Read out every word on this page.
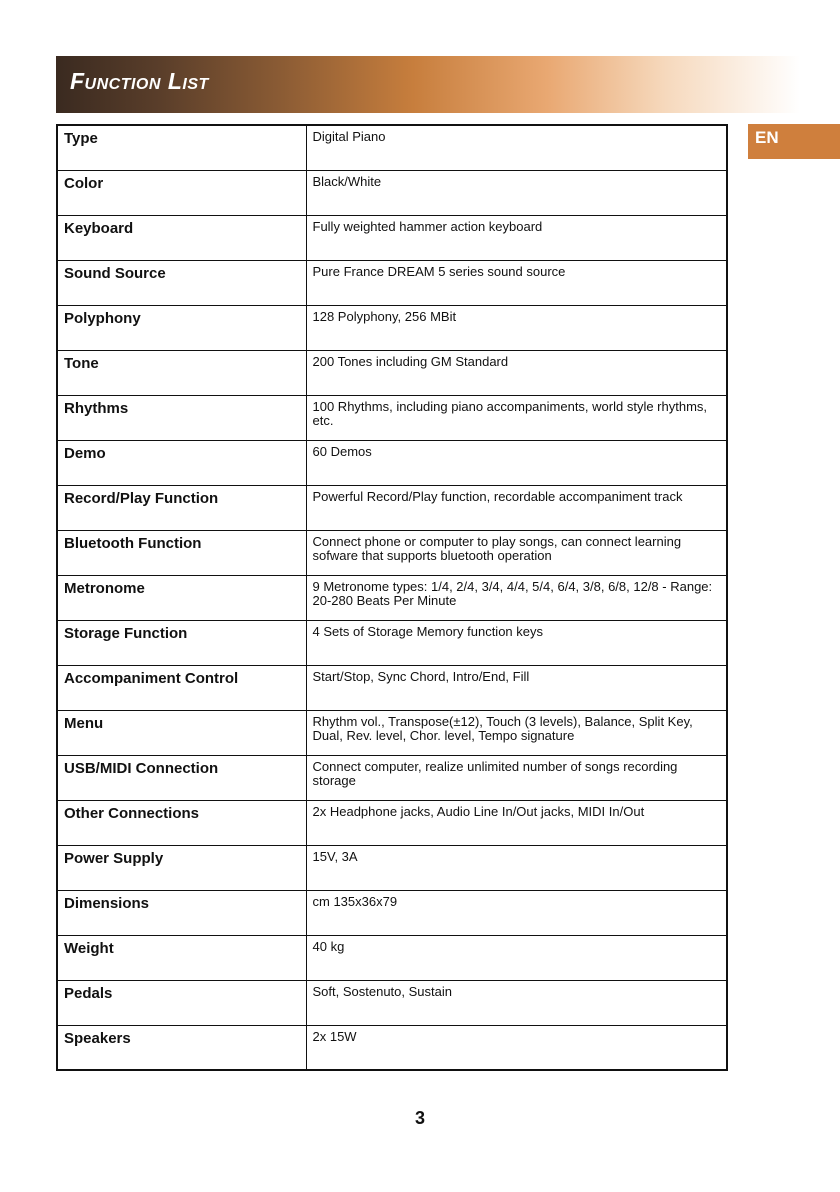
Function List
EN
Type	Digital Piano
Color	Black/White
Keyboard	Fully weighted hammer action keyboard
Sound Source	Pure France DREAM 5 series sound source
Polyphony	128 Polyphony, 256 MBit
Tone	200 Tones including GM Standard
Rhythms	100 Rhythms, including piano accompaniments, world style rhythms, etc.
Demo	60 Demos
Record/Play Function	Powerful Record/Play function, recordable accompaniment track
Bluetooth Function	Connect phone or computer to play songs, can connect learning sofware that supports bluetooth operation
Metronome	9 Metronome types: 1/4, 2/4, 3/4, 4/4, 5/4, 6/4, 3/8, 6/8, 12/8 - Range: 20-280 Beats Per Minute
Storage Function	4 Sets of Storage Memory function keys
Accompaniment Control	Start/Stop, Sync Chord, Intro/End, Fill
Menu	Rhythm vol., Transpose(±12), Touch (3 levels), Balance, Split Key, Dual, Rev. level, Chor. level, Tempo signature
USB/MIDI Connection	Connect computer, realize unlimited number of songs recording storage
Other Connections	2x Headphone jacks, Audio Line In/Out jacks, MIDI In/Out
Power Supply	15V, 3A
Dimensions	cm 135x36x79
Weight	40 kg
Pedals	Soft, Sostenuto, Sustain
Speakers	2x 15W
3
